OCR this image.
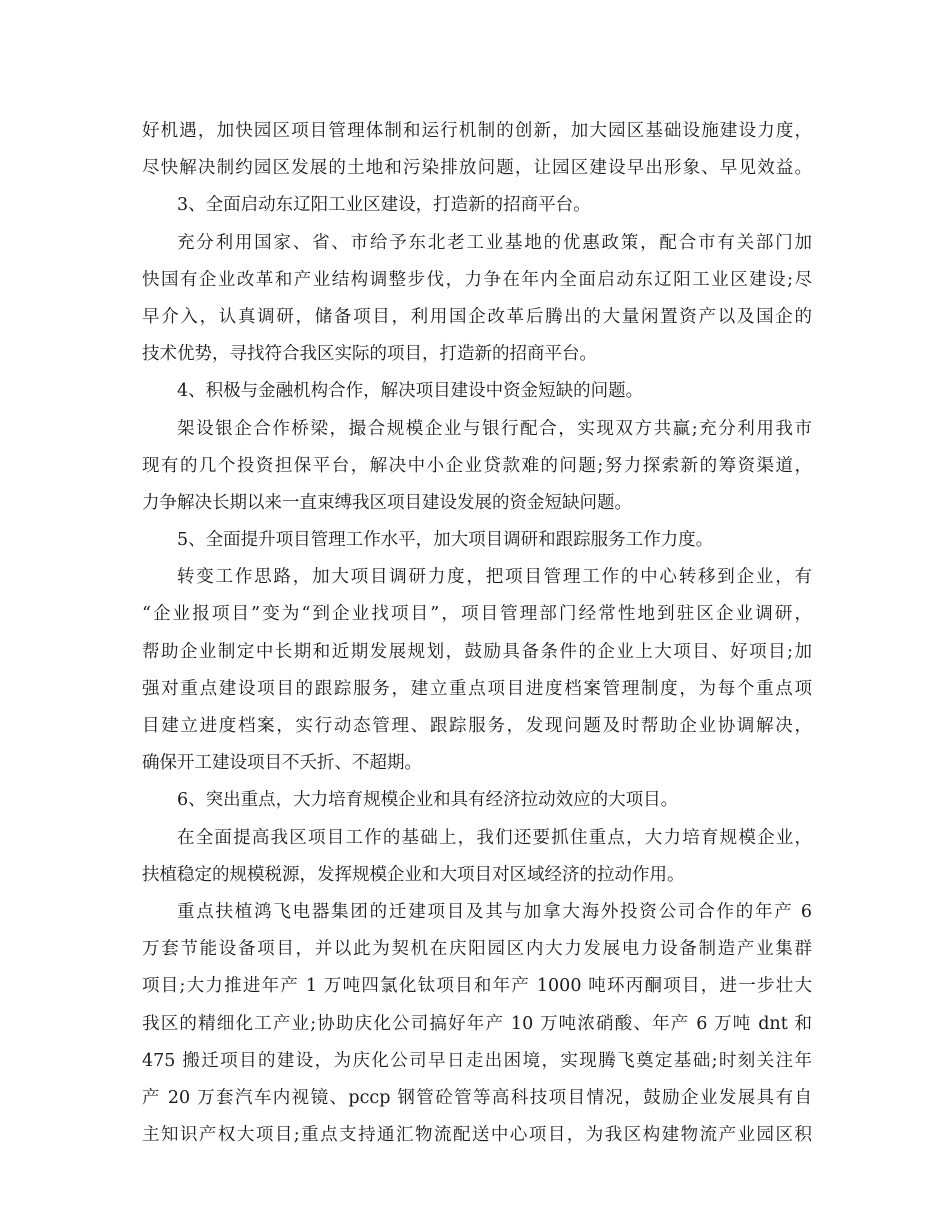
好机遇，加快园区项目管理体制和运行机制的创新，加大园区基础设施建设力度，
尽快解决制约园区发展的土地和污染排放问题，让园区建设早出形象、早见效益。
3、全面启动东辽阳工业区建设，打造新的招商平台。
充分利用国家、省、市给予东北老工业基地的优惠政策，配合市有关部门加
快国有企业改革和产业结构调整步伐，力争在年内全面启动东辽阳工业区建设;尽
早介入，认真调研，储备项目，利用国企改革后腾出的大量闲置资产以及国企的
技术优势，寻找符合我区实际的项目，打造新的招商平台。
4、积极与金融机构合作，解决项目建设中资金短缺的问题。
架设银企合作桥梁，撮合规模企业与银行配合，实现双方共赢;充分利用我市
现有的几个投资担保平台，解决中小企业贷款难的问题;努力探索新的筹资渠道，
力争解决长期以来一直束缚我区项目建设发展的资金短缺问题。
5、全面提升项目管理工作水平，加大项目调研和跟踪服务工作力度。
转变工作思路，加大项目调研力度，把项目管理工作的中心转移到企业，有
“企业报项目”变为“到企业找项目”，项目管理部门经常性地到驻区企业调研，
帮助企业制定中长期和近期发展规划，鼓励具备条件的企业上大项目、好项目;加
强对重点建设项目的跟踪服务，建立重点项目进度档案管理制度，为每个重点项
目建立进度档案，实行动态管理、跟踪服务，发现问题及时帮助企业协调解决，
确保开工建设项目不夭折、不超期。
6、突出重点，大力培育规模企业和具有经济拉动效应的大项目。
在全面提高我区项目工作的基础上，我们还要抓住重点，大力培育规模企业，
扶植稳定的规模税源，发挥规模企业和大项目对区域经济的拉动作用。
重点扶植鸿飞电器集团的迁建项目及其与加拿大海外投资公司合作的年产 6
万套节能设备项目，并以此为契机在庆阳园区内大力发展电力设备制造产业集群
项目;大力推进年产 1 万吨四氯化钛项目和年产 1000 吨环丙酮项目，进一步壮大
我区的精细化工产业;协助庆化公司搞好年产 10 万吨浓硝酸、年产 6 万吨 dnt 和
475 搬迁项目的建设，为庆化公司早日走出困境，实现腾飞奠定基础;时刻关注年
产 20 万套汽车内视镜、pccp 钢管砼管等高科技项目情况，鼓励企业发展具有自
主知识产权大项目;重点支持通汇物流配送中心项目，为我区构建物流产业园区积
